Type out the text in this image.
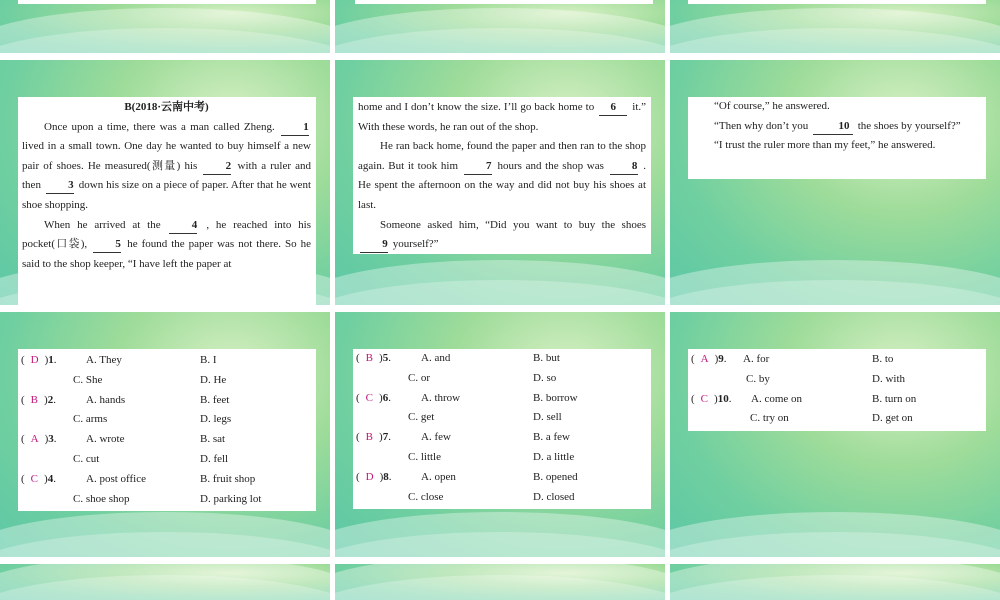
B(2018·云南中考)

Once upon a time, there was a man called Zheng.	1 lived in a small town. One day he wanted to buy himself a new pair of shoes. He measured(测量) his	2 with a ruler and then 3 down his size on a piece of paper. After that he went shoe shopping.

When he arrived at the	4 , he reached into his pocket(口袋),	5 he found the paper was not there. So he said to the shop keeper, “I have left the paper at

home and I don’t know the size. I’ll go back home to 6 it.” With these words, he ran out of the shop.

He ran back home, found the paper and then ran to the shop again. But it took him	7 hours and the shop was	8 . He spent the afternoon on the way and did not buy his shoes at last.

Someone asked him, “Did you want to buy the shoes 9 yourself?”

“Of course,” he answered.

“Then why don’t you	10 the shoes by yourself?”

“I trust the ruler more than my feet,” he answered.

( D )1.	A. They	B. I
C. She	D. He
( B )2.	A. hands	B. feet
C. arms	D. legs
( A )3.	A. wrote	B. sat
C. cut	D. fell
( C )4.	A. post office	B. fruit shop
C. shoe shop	D. parking lot
( B )5.	A. and	B. but
C. or	D. so
( C )6.	A. throw	B. borrow
C. get	D. sell
( B )7.	A. few	B. a few
C. little	D. a little
( D )8.	A. open	B. opened
C. close	D. closed
( A )9. A. for	B. to
C. by	D. with
( C )10. A. come on	B. turn on
C. try on	D. get on
